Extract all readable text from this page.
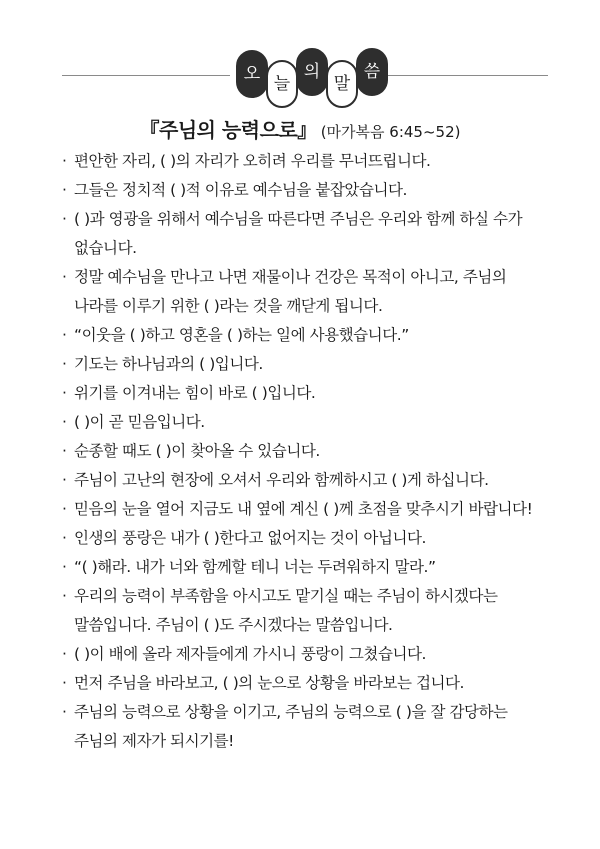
오 늘
의
말
씀
『주님의 능력으로』 (마가복음 6:45~52)
· 편안한 자리, ( )의 자리가 오히려 우리를 무너뜨립니다.
· 그들은 정치적 ( )적 이유로 예수님을 붙잡았습니다.
· ( )과 영광을 위해서 예수님을 따른다면 주님은 우리와 함께 하실 수가 없습니다.
· 정말 예수님을 만나고 나면 재물이나 건강은 목적이 아니고, 주님의 나라를 이루기 위한 ( )라는 것을 깨닫게 됩니다.
· “이웃을 ( )하고 영혼을 ( )하는 일에 사용했습니다.”
· 기도는 하나님과의 ( )입니다.
· 위기를 이겨내는 힘이 바로 ( )입니다.
· ( )이 곧 믿음입니다.
· 순종할 때도 ( )이 찾아올 수 있습니다.
· 주님이 고난의 현장에 오셔서 우리와 함께하시고 ( )게 하십니다.
· 믿음의 눈을 열어 지금도 내 옆에 계신 ( )께 초점을 맞추시기 바랍니다!
· 인생의 풍랑은 내가 ( )한다고 없어지는 것이 아닙니다.
· “( )해라. 내가 너와 함께할 테니 너는 두려워하지 말라.”
· 우리의 능력이 부족함을 아시고도 맡기실 때는 주님이 하시겠다는 말씀입니다. 주님이 ( )도 주시겠다는 말씀입니다.
· ( )이 배에 올라 제자들에게 가시니 풍랑이 그쳤습니다.
· 먼저 주님을 바라보고, ( )의 눈으로 상황을 바라보는 겁니다.
· 주님의 능력으로 상황을 이기고, 주님의 능력으로 ( )을 잘 감당하는 주님의 제자가 되시기를!
